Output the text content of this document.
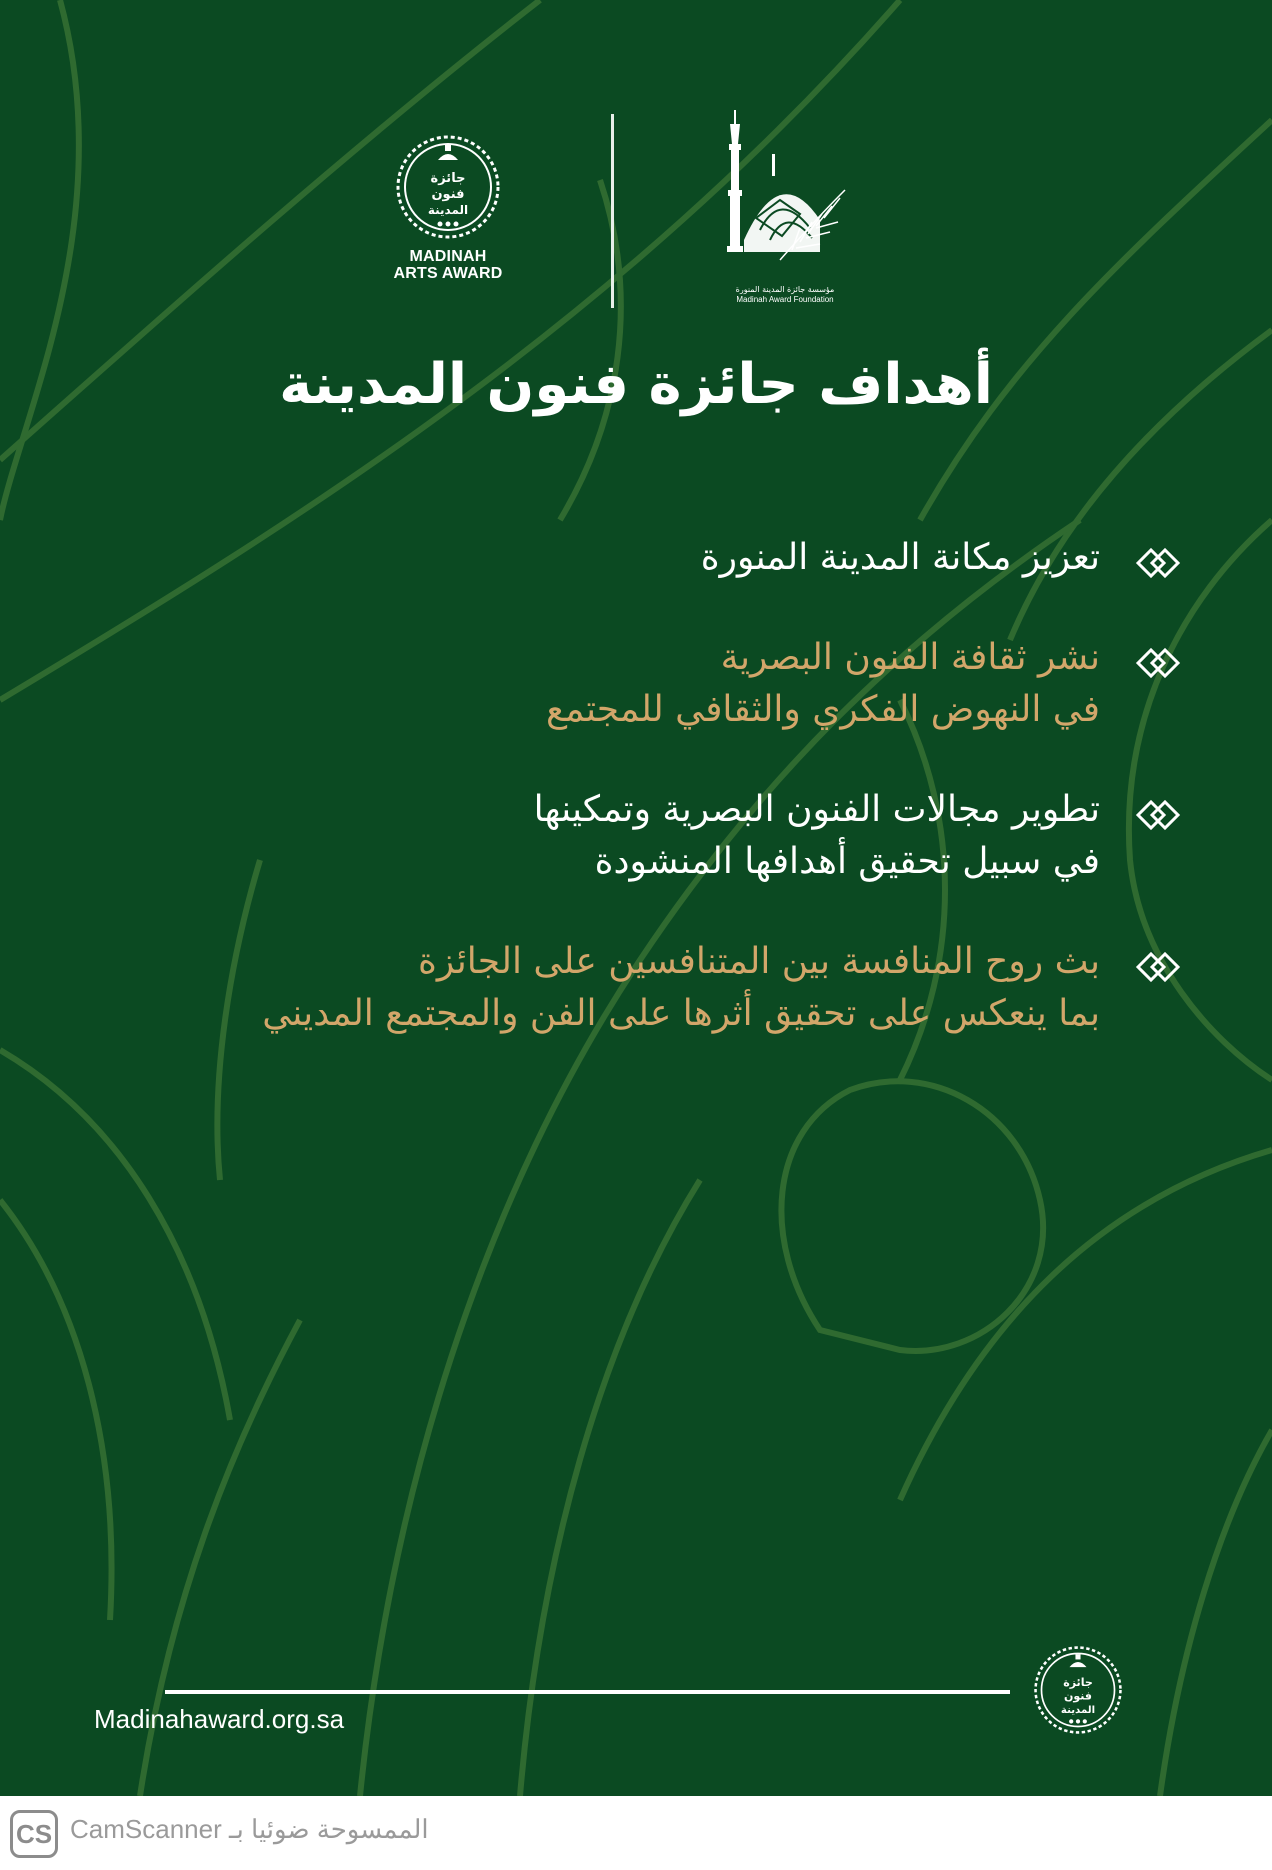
جائزة
فنون
المدينة
MADINAH
ARTS AWARD
مؤسسة جائزة المدينة المنورة
Madinah Award Foundation
أهداف جائزة فنون المدينة
تعزيز مكانة المدينة المنورة
نشر ثقافة الفنون البصرية
في النهوض الفكري والثقافي للمجتمع
تطوير مجالات الفنون البصرية وتمكينها
في سبيل تحقيق أهدافها المنشودة
بث روح المنافسة بين المتنافسين على الجائزة
بما ينعكس على تحقيق أثرها على الفن والمجتمع المديني
Madinahaward.org.sa
جائزة
فنون
المدينة
CS الممسوحة ضوئيا بـ CamScanner
